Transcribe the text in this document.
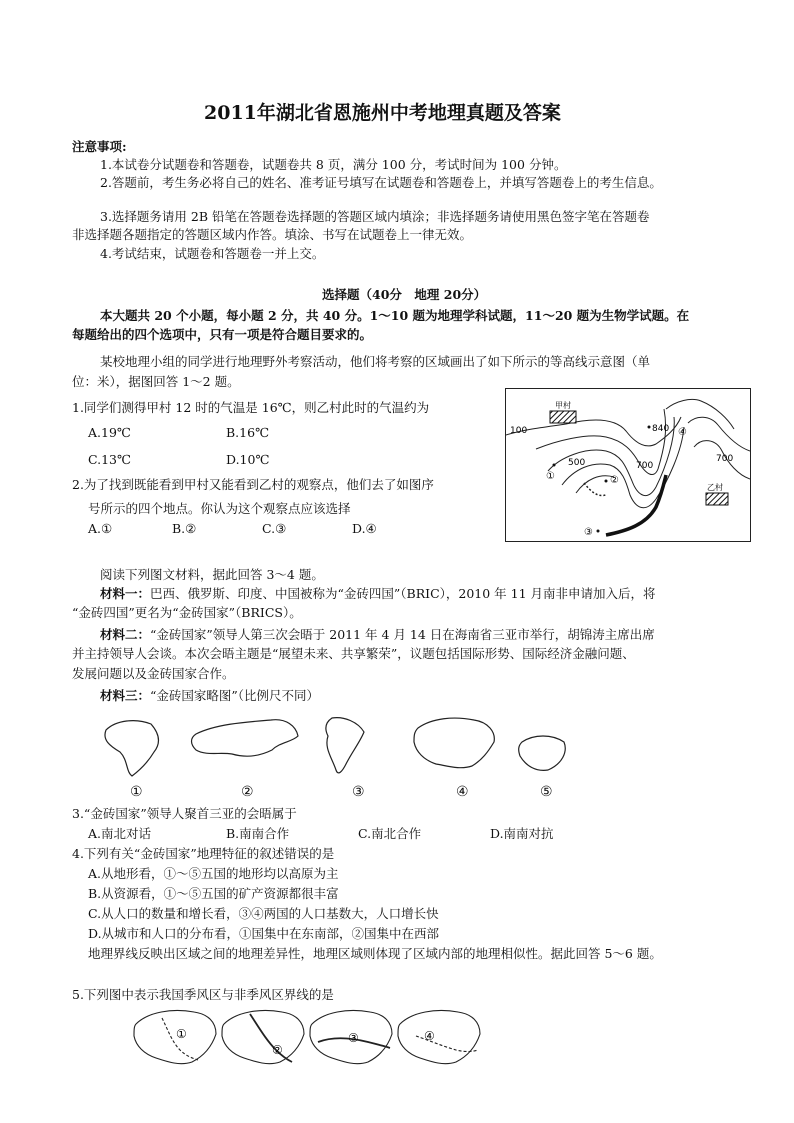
2011年湖北省恩施州中考地理真题及答案
注意事项:
1.本试卷分试题卷和答题卷，试题卷共 8 页，满分 100 分，考试时间为 100 分钟。
2.答题前，考生务必将自己的姓名、准考证号填写在试题卷和答题卷上，并填写答题卷上的考生信息。
3.选择题务请用 2B 铅笔在答题卷选择题的答题区域内填涂；非选择题务请使用黑色签字笔在答题卷
非选择题各题指定的答题区域内作答。填涂、书写在试题卷上一律无效。
4.考试结束，试题卷和答题卷一并上交。
选择题（40分　地理 20分）
本大题共 20 个小题，每小题 2 分，共 40 分。1～10 题为地理学科试题，11～20 题为生物学试题。在
每题给出的四个选项中，只有一项是符合题目要求的。
某校地理小组的同学进行地理野外考察活动，他们将考察的区域画出了如下所示的等高线示意图（单
位：米），据图回答 1～2 题。
1.同学们测得甲村 12 时的气温是 16℃，则乙村此时的气温约为
A.19℃	B.16℃
C.13℃	D.10℃
2.为了找到既能看到甲村又能看到乙村的观察点，他们去了如图序
号所示的四个地点。你认为这个观察点应该选择
A.①	B.②	C.③	D.④
甲村
乙村
100
500	700
700
840
①	②
③
④
阅读下列图文材料，据此回答 3～4 题。
材料一：巴西、俄罗斯、印度、中国被称为“金砖四国”（BRIC），2010 年 11 月南非申请加入后，将
“金砖四国”更名为“金砖国家”（BRICS）。
材料二：“金砖国家”领导人第三次会晤于 2011 年 4 月 14 日在海南省三亚市举行，胡锦涛主席出席
并主持领导人会谈。本次会晤主题是“展望未来、共享繁荣”，议题包括国际形势、国际经济金融问题、
发展问题以及金砖国家合作。
材料三：“金砖国家略图”（比例尺不同）
①	②	③	④	⑤
3.“金砖国家”领导人聚首三亚的会晤属于
A.南北对话	B.南南合作	C.南北合作	D.南南对抗
4.下列有关“金砖国家”地理特征的叙述错误的是
A.从地形看，①～⑤五国的地形均以高原为主
B.从资源看，①～⑤五国的矿产资源都很丰富
C.从人口的数量和增长看，③④两国的人口基数大，人口增长快
D.从城市和人口的分布看，①国集中在东南部，②国集中在西部
地理界线反映出区域之间的地理差异性，地理区域则体现了区域内部的地理相似性。据此回答 5～6 题。
5.下列图中表示我国季风区与非季风区界线的是
①
②
③	④
